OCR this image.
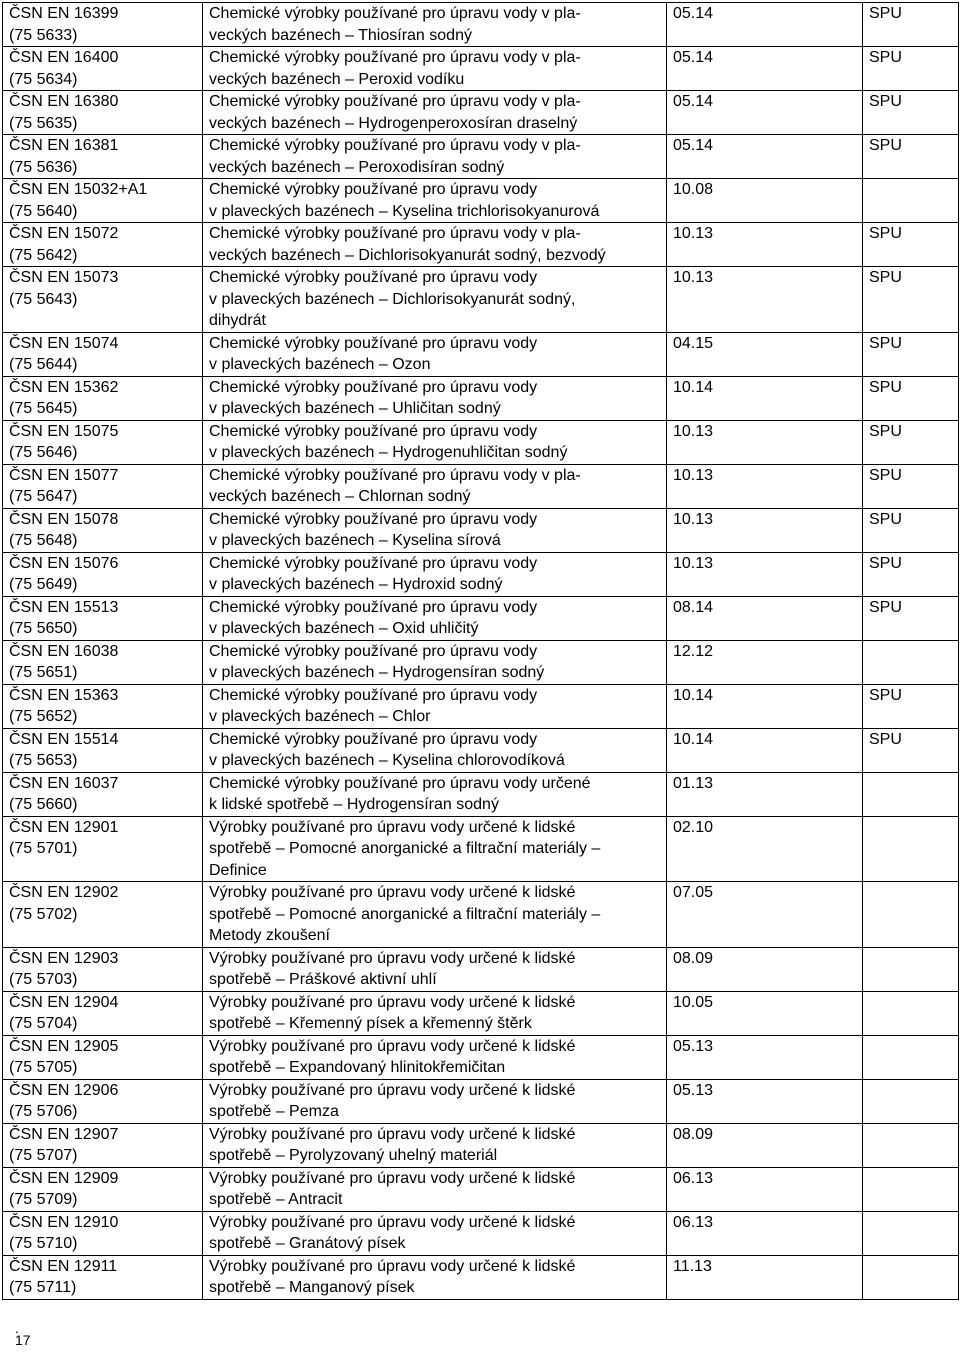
ČSN EN 16399
(75 5633)	Chemické výrobky používané pro úpravu vody v pla-
veckých bazénech – Thiosíran sodný	05.14	SPU

ČSN EN 16400
(75 5634)	Chemické výrobky používané pro úpravu vody v pla-
veckých bazénech – Peroxid vodíku	05.14	SPU

ČSN EN 16380
(75 5635)	Chemické výrobky používané pro úpravu vody v pla-
veckých bazénech – Hydrogenperoxosíran draselný	05.14	SPU

ČSN EN 16381
(75 5636)	Chemické výrobky používané pro úpravu vody v pla-
veckých bazénech – Peroxodisíran sodný	05.14	SPU

ČSN EN 15032+A1
(75 5640)	Chemické výrobky používané pro úpravu vody
v plaveckých bazénech – Kyselina trichlorisokyanurová	10.08	

ČSN EN 15072
(75 5642)	Chemické výrobky používané pro úpravu vody v pla-
veckých bazénech – Dichlorisokyanurát sodný, bezvodý	10.13	SPU

ČSN EN 15073
(75 5643)	Chemické výrobky používané pro úpravu vody
v plaveckých bazénech – Dichlorisokyanurát sodný,
dihydrát	10.13	SPU

ČSN EN 15074
(75 5644)	Chemické výrobky používané pro úpravu vody
v plaveckých bazénech – Ozon	04.15	SPU

ČSN EN 15362
(75 5645)	Chemické výrobky používané pro úpravu vody
v plaveckých bazénech – Uhličitan sodný	10.14	SPU

ČSN EN 15075
(75 5646)	Chemické výrobky používané pro úpravu vody
v plaveckých bazénech – Hydrogenuhličitan sodný	10.13	SPU

ČSN EN 15077
(75 5647)	Chemické výrobky používané pro úpravu vody v pla-
veckých bazénech – Chlornan sodný	10.13	SPU

ČSN EN 15078
(75 5648)	Chemické výrobky používané pro úpravu vody
v plaveckých bazénech – Kyselina sírová	10.13	SPU

ČSN EN 15076
(75 5649)	Chemické výrobky používané pro úpravu vody
v plaveckých bazénech – Hydroxid sodný	10.13	SPU

ČSN EN 15513
(75 5650)	Chemické výrobky používané pro úpravu vody
v plaveckých bazénech – Oxid uhličitý	08.14	SPU

ČSN EN 16038
(75 5651)	Chemické výrobky používané pro úpravu vody
v plaveckých bazénech – Hydrogensíran sodný	12.12	

ČSN EN 15363
(75 5652)	Chemické výrobky používané pro úpravu vody
v plaveckých bazénech – Chlor	10.14	SPU

ČSN EN 15514
(75 5653)	Chemické výrobky používané pro úpravu vody
v plaveckých bazénech – Kyselina chlorovodíková	10.14	SPU

ČSN EN 16037
(75 5660)	Chemické výrobky používané pro úpravu vody určené
k lidské spotřebě – Hydrogensíran sodný	01.13	

ČSN EN 12901
(75 5701)	Výrobky používané pro úpravu vody určené k lidské
spotřebě – Pomocné anorganické a filtrační materiály –
Definice	02.10	

ČSN EN 12902
(75 5702)	Výrobky používané pro úpravu vody určené k lidské
spotřebě – Pomocné anorganické a filtrační materiály –
Metody zkoušení	07.05	

ČSN EN 12903
(75 5703)	Výrobky používané pro úpravu vody určené k lidské
spotřebě – Práškové aktivní uhlí	08.09	

ČSN EN 12904
(75 5704)	Výrobky používané pro úpravu vody určené k lidské
spotřebě – Křemenný písek a křemenný štěrk	10.05	

ČSN EN 12905
(75 5705)	Výrobky používané pro úpravu vody určené k lidské
spotřebě – Expandovaný hlinitokřemičitan	05.13	

ČSN EN 12906
(75 5706)	Výrobky používané pro úpravu vody určené k lidské
spotřebě – Pemza	05.13	

ČSN EN 12907
(75 5707)	Výrobky používané pro úpravu vody určené k lidské
spotřebě – Pyrolyzovaný uhelný materiál	08.09	

ČSN EN 12909
(75 5709)	Výrobky používané pro úpravu vody určené k lidské
spotřebě – Antracit	06.13	

ČSN EN 12910
(75 5710)	Výrobky používané pro úpravu vody určené k lidské
spotřebě – Granátový písek	06.13	

ČSN EN 12911
(75 5711)	Výrobky používané pro úpravu vody určené k lidské
spotřebě – Manganový písek	11.13	
.
17
